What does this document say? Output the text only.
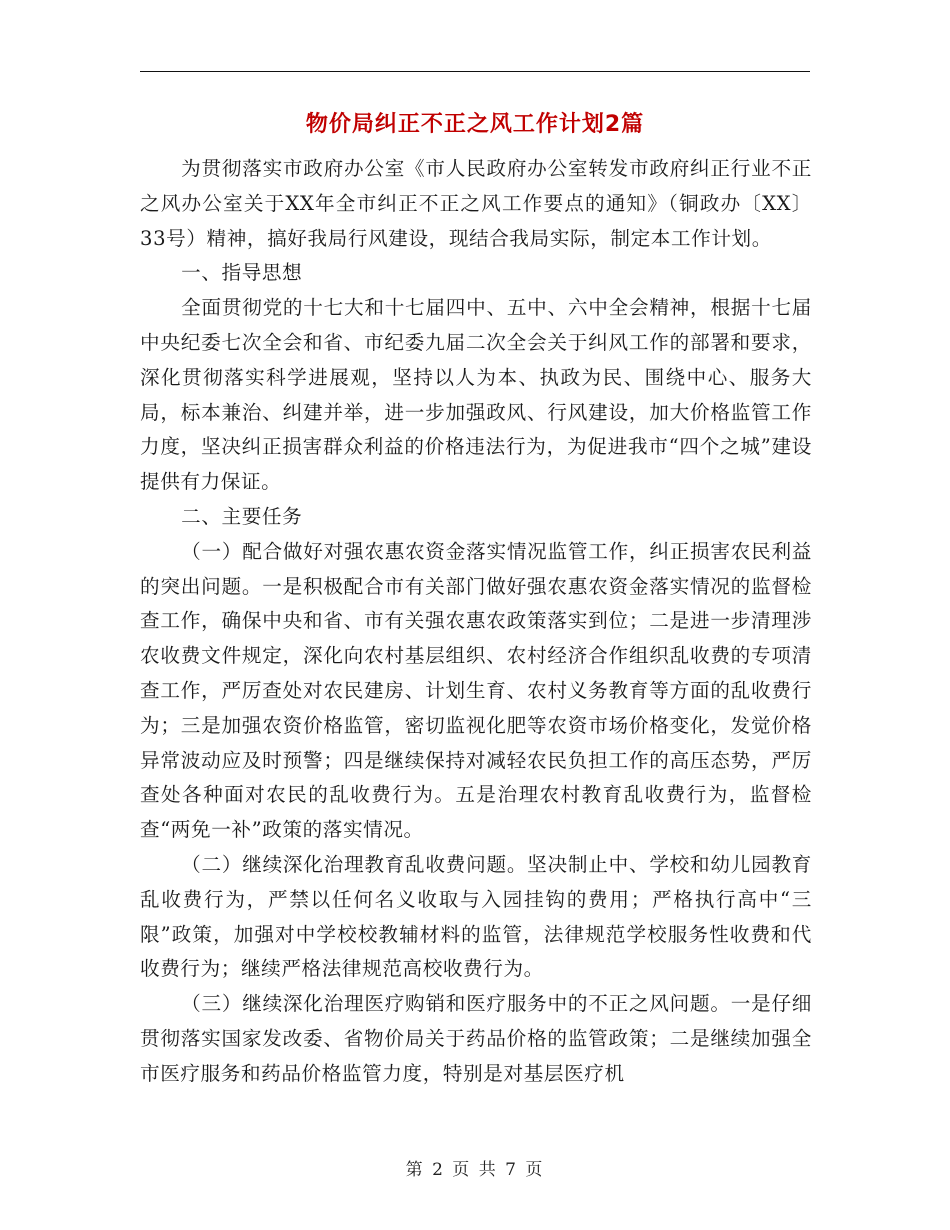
物价局纠正不正之风工作计划2篇

为贯彻落实市政府办公室《市人民政府办公室转发市政府纠正行业不正之风办公室关于XX年全市纠正不正之风工作要点的通知》（铜政办〔XX〕33号）精神，搞好我局行风建设，现结合我局实际，制定本工作计划。

一、指导思想

全面贯彻党的十七大和十七届四中、五中、六中全会精神，根据十七届中央纪委七次全会和省、市纪委九届二次全会关于纠风工作的部署和要求，深化贯彻落实科学进展观，坚持以人为本、执政为民、围绕中心、服务大局，标本兼治、纠建并举，进一步加强政风、行风建设，加大价格监管工作力度，坚决纠正损害群众利益的价格违法行为，为促进我市“四个之城”建设提供有力保证。

二、主要任务

（一）配合做好对强农惠农资金落实情况监管工作，纠正损害农民利益的突出问题。一是积极配合市有关部门做好强农惠农资金落实情况的监督检查工作，确保中央和省、市有关强农惠农政策落实到位；二是进一步清理涉农收费文件规定，深化向农村基层组织、农村经济合作组织乱收费的专项清查工作，严厉查处对农民建房、计划生育、农村义务教育等方面的乱收费行为；三是加强农资价格监管，密切监视化肥等农资市场价格变化，发觉价格异常波动应及时预警；四是继续保持对减轻农民负担工作的高压态势，严厉查处各种面对农民的乱收费行为。五是治理农村教育乱收费行为，监督检查“两免一补”政策的落实情况。

（二）继续深化治理教育乱收费问题。坚决制止中、学校和幼儿园教育乱收费行为，严禁以任何名义收取与入园挂钩的费用；严格执行高中“三限”政策，加强对中学校校教辅材料的监管，法律规范学校服务性收费和代收费行为；继续严格法律规范高校收费行为。

（三）继续深化治理医疗购销和医疗服务中的不正之风问题。一是仔细贯彻落实国家发改委、省物价局关于药品价格的监管政策；二是继续加强全市医疗服务和药品价格监管力度，特别是对基层医疗机

第 2 页 共 7 页
